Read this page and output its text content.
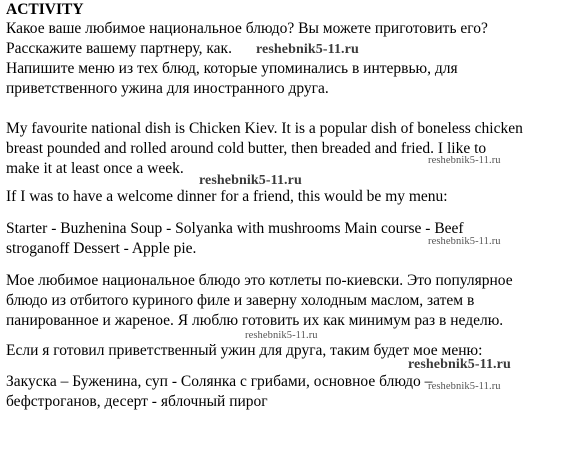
ACTIVITY

Какое ваше любимое национальное блюдо? Вы можете приготовить его?

Расскажите вашему партнеру, как.

Напишите меню из тех блюд, которые упоминались в интервью, для

приветственного ужина для иностранного друга.

My favourite national dish is Chicken Kiev. It is a popular dish of boneless chicken

breast pounded and rolled around cold butter, then breaded and fried. I like to

make it at least once a week.

If I was to have a welcome dinner for a friend, this would be my menu:

Starter - Buzhenina Soup - Solyanka with mushrooms Main course - Beef

stroganoff Dessert - Apple pie.

Мое любимое национальное блюдо это котлеты по-киевски. Это популярное

блюдо из отбитого куриного филе и заверну холодным маслом, затем в

панированное и жареное. Я люблю готовить их как минимум раз в неделю.

Если я готовил приветственный ужин для друга, таким будет мое меню:

Закуска – Буженина, суп - Солянка с грибами, основное блюдо –

бефстроганов, десерт - яблочный пирог

reshebnik5-11.ru
reshebnik5-11.ru
reshebnik5-11.ru
reshebnik5-11.ru
reshebnik5-11.ru
reshebnik5-11.ru
reshebnik5-11.ru
